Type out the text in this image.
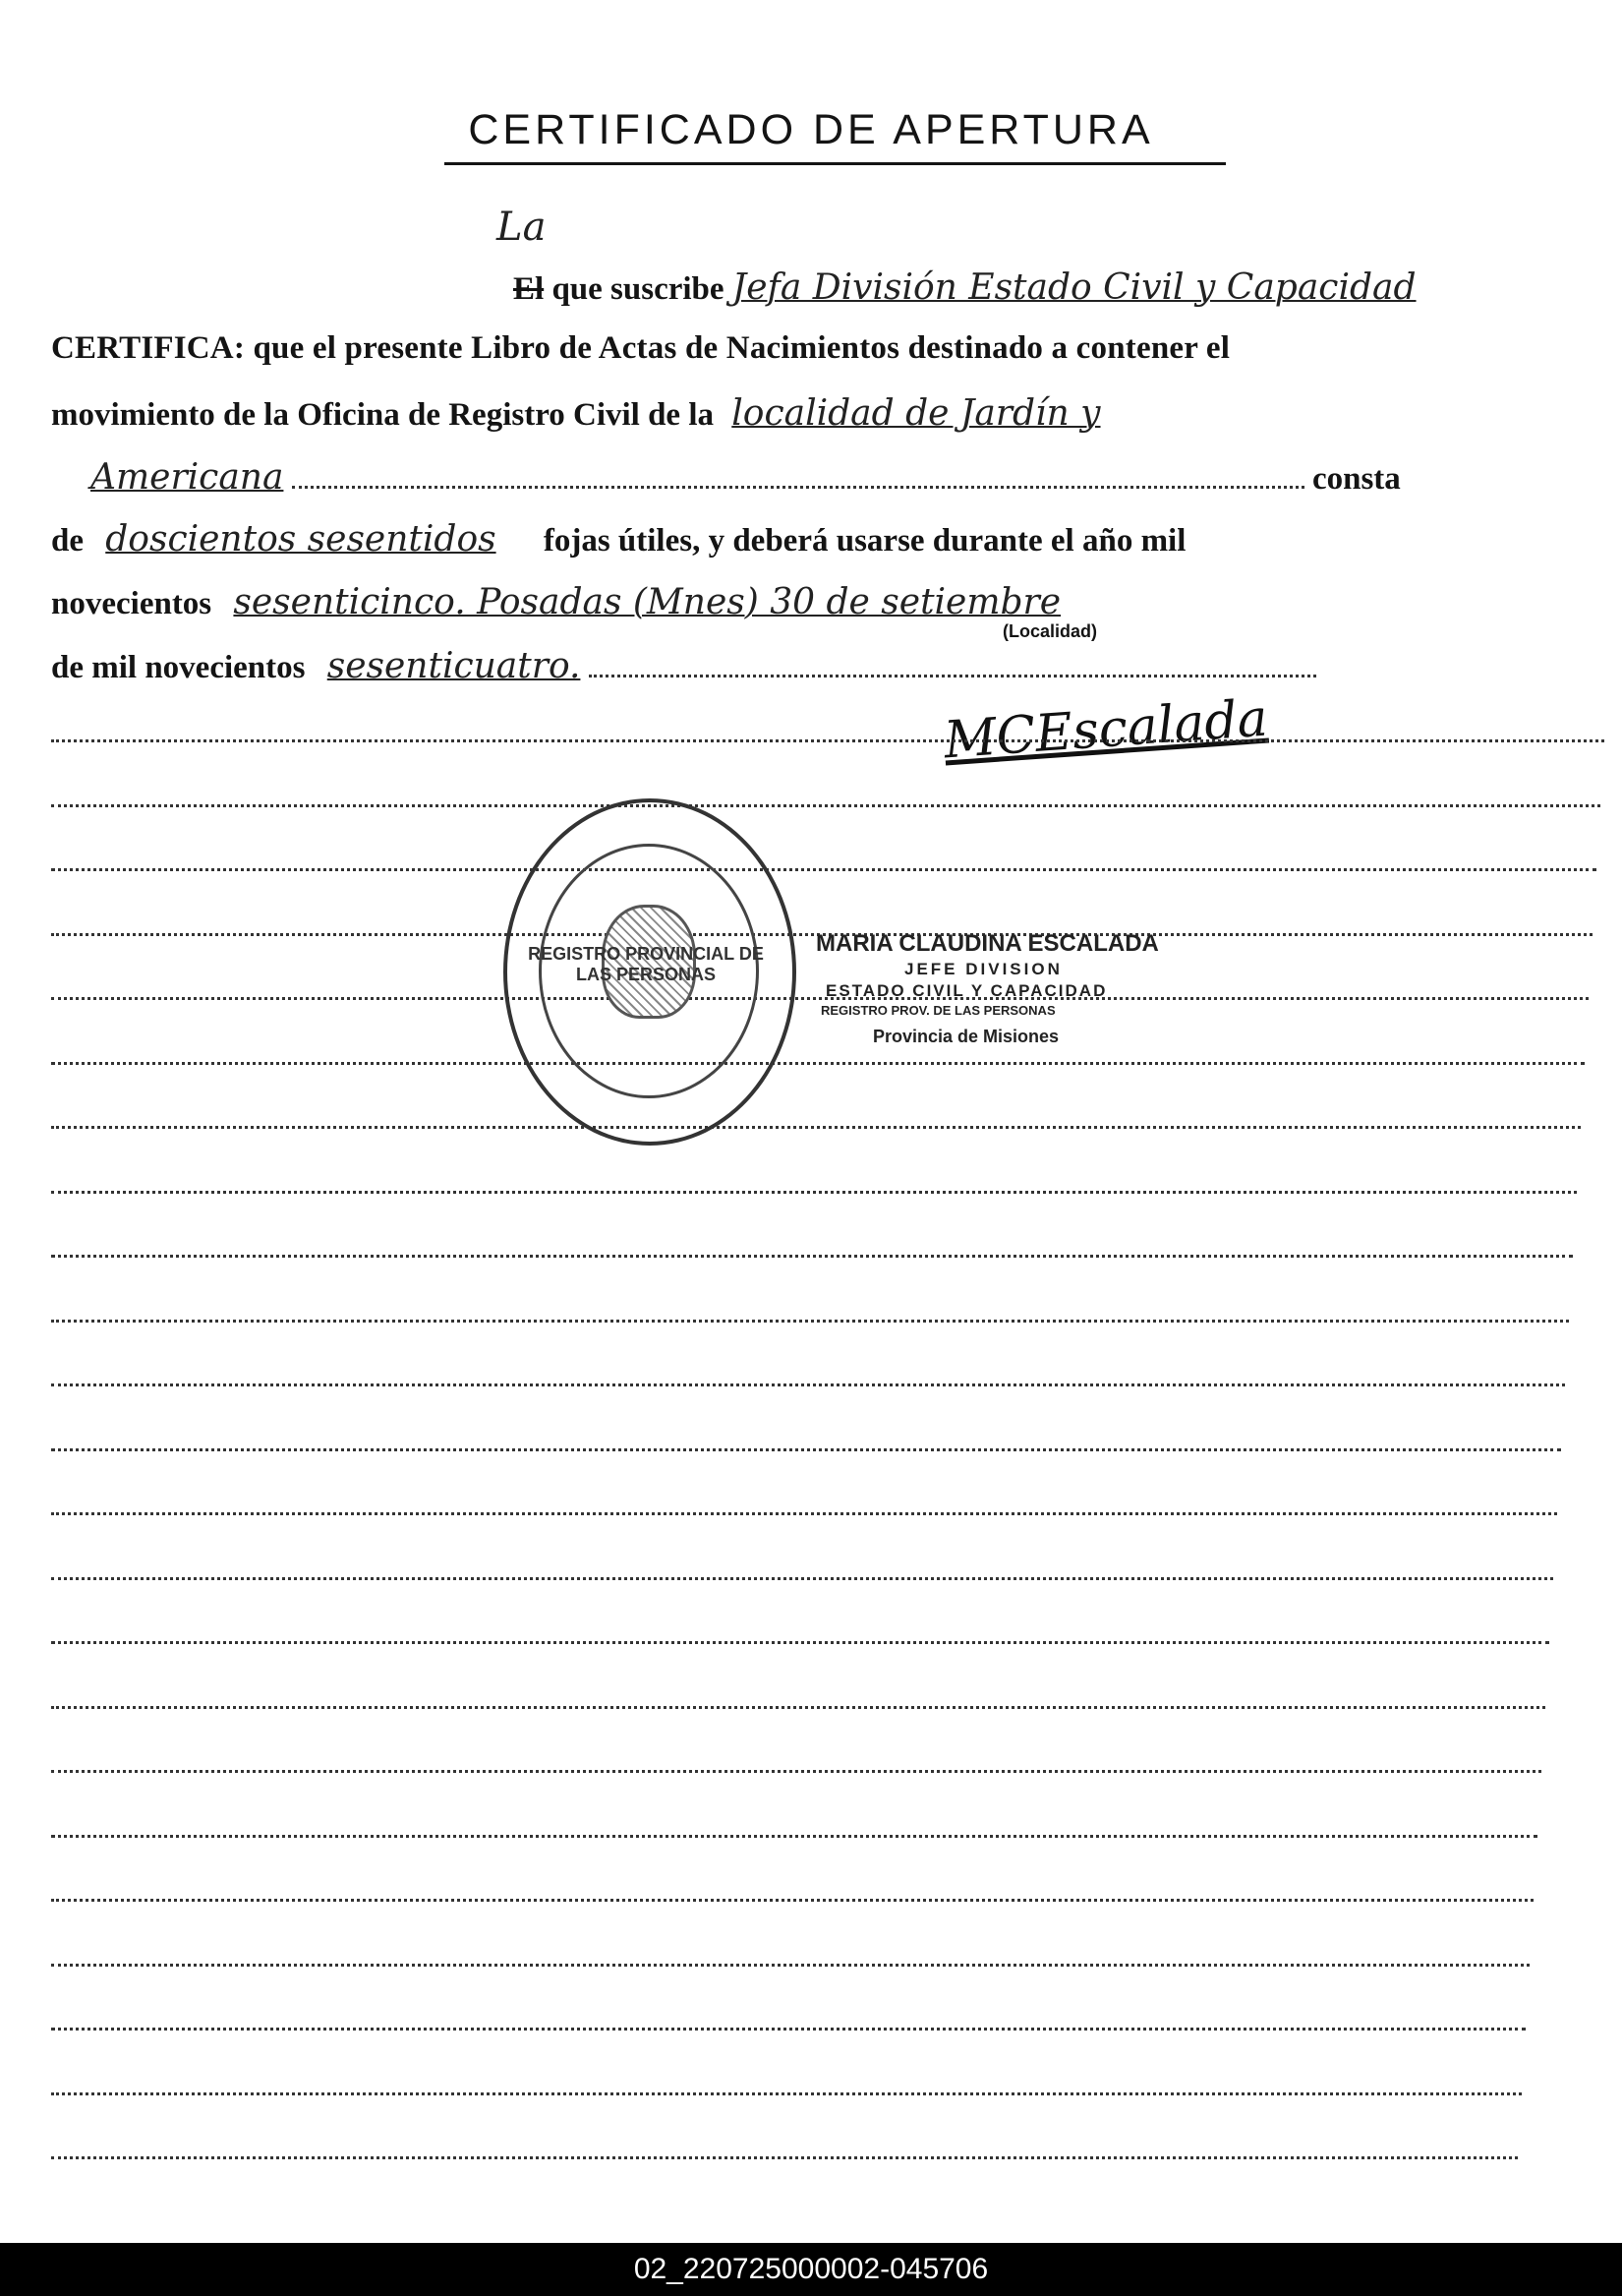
CERTIFICADO DE APERTURA
La
El que suscribe Jefa División Estado Civil y Capacidad
CERTIFICA: que el presente Libro de Actas de Nacimientos destinado a contener el
movimiento de la Oficina de Registro Civil de la localidad de Jardín y
Americana	consta
de doscientos sesentidos fojas útiles, y deberá usarse durante el año mil
novecientos sesenticinco. Posadas (Mnes) 30 de setiembre
(Localidad)
de mil novecientos sesenticuatro.
MCEscalada
REGISTRO PROVINCIAL DE LAS PERSONAS
MARIA CLAUDINA ESCALADA
JEFE DIVISION
ESTADO CIVIL Y CAPACIDAD
REGISTRO PROV. DE LAS PERSONAS
Provincia de Misiones
02_220725000002-045706
